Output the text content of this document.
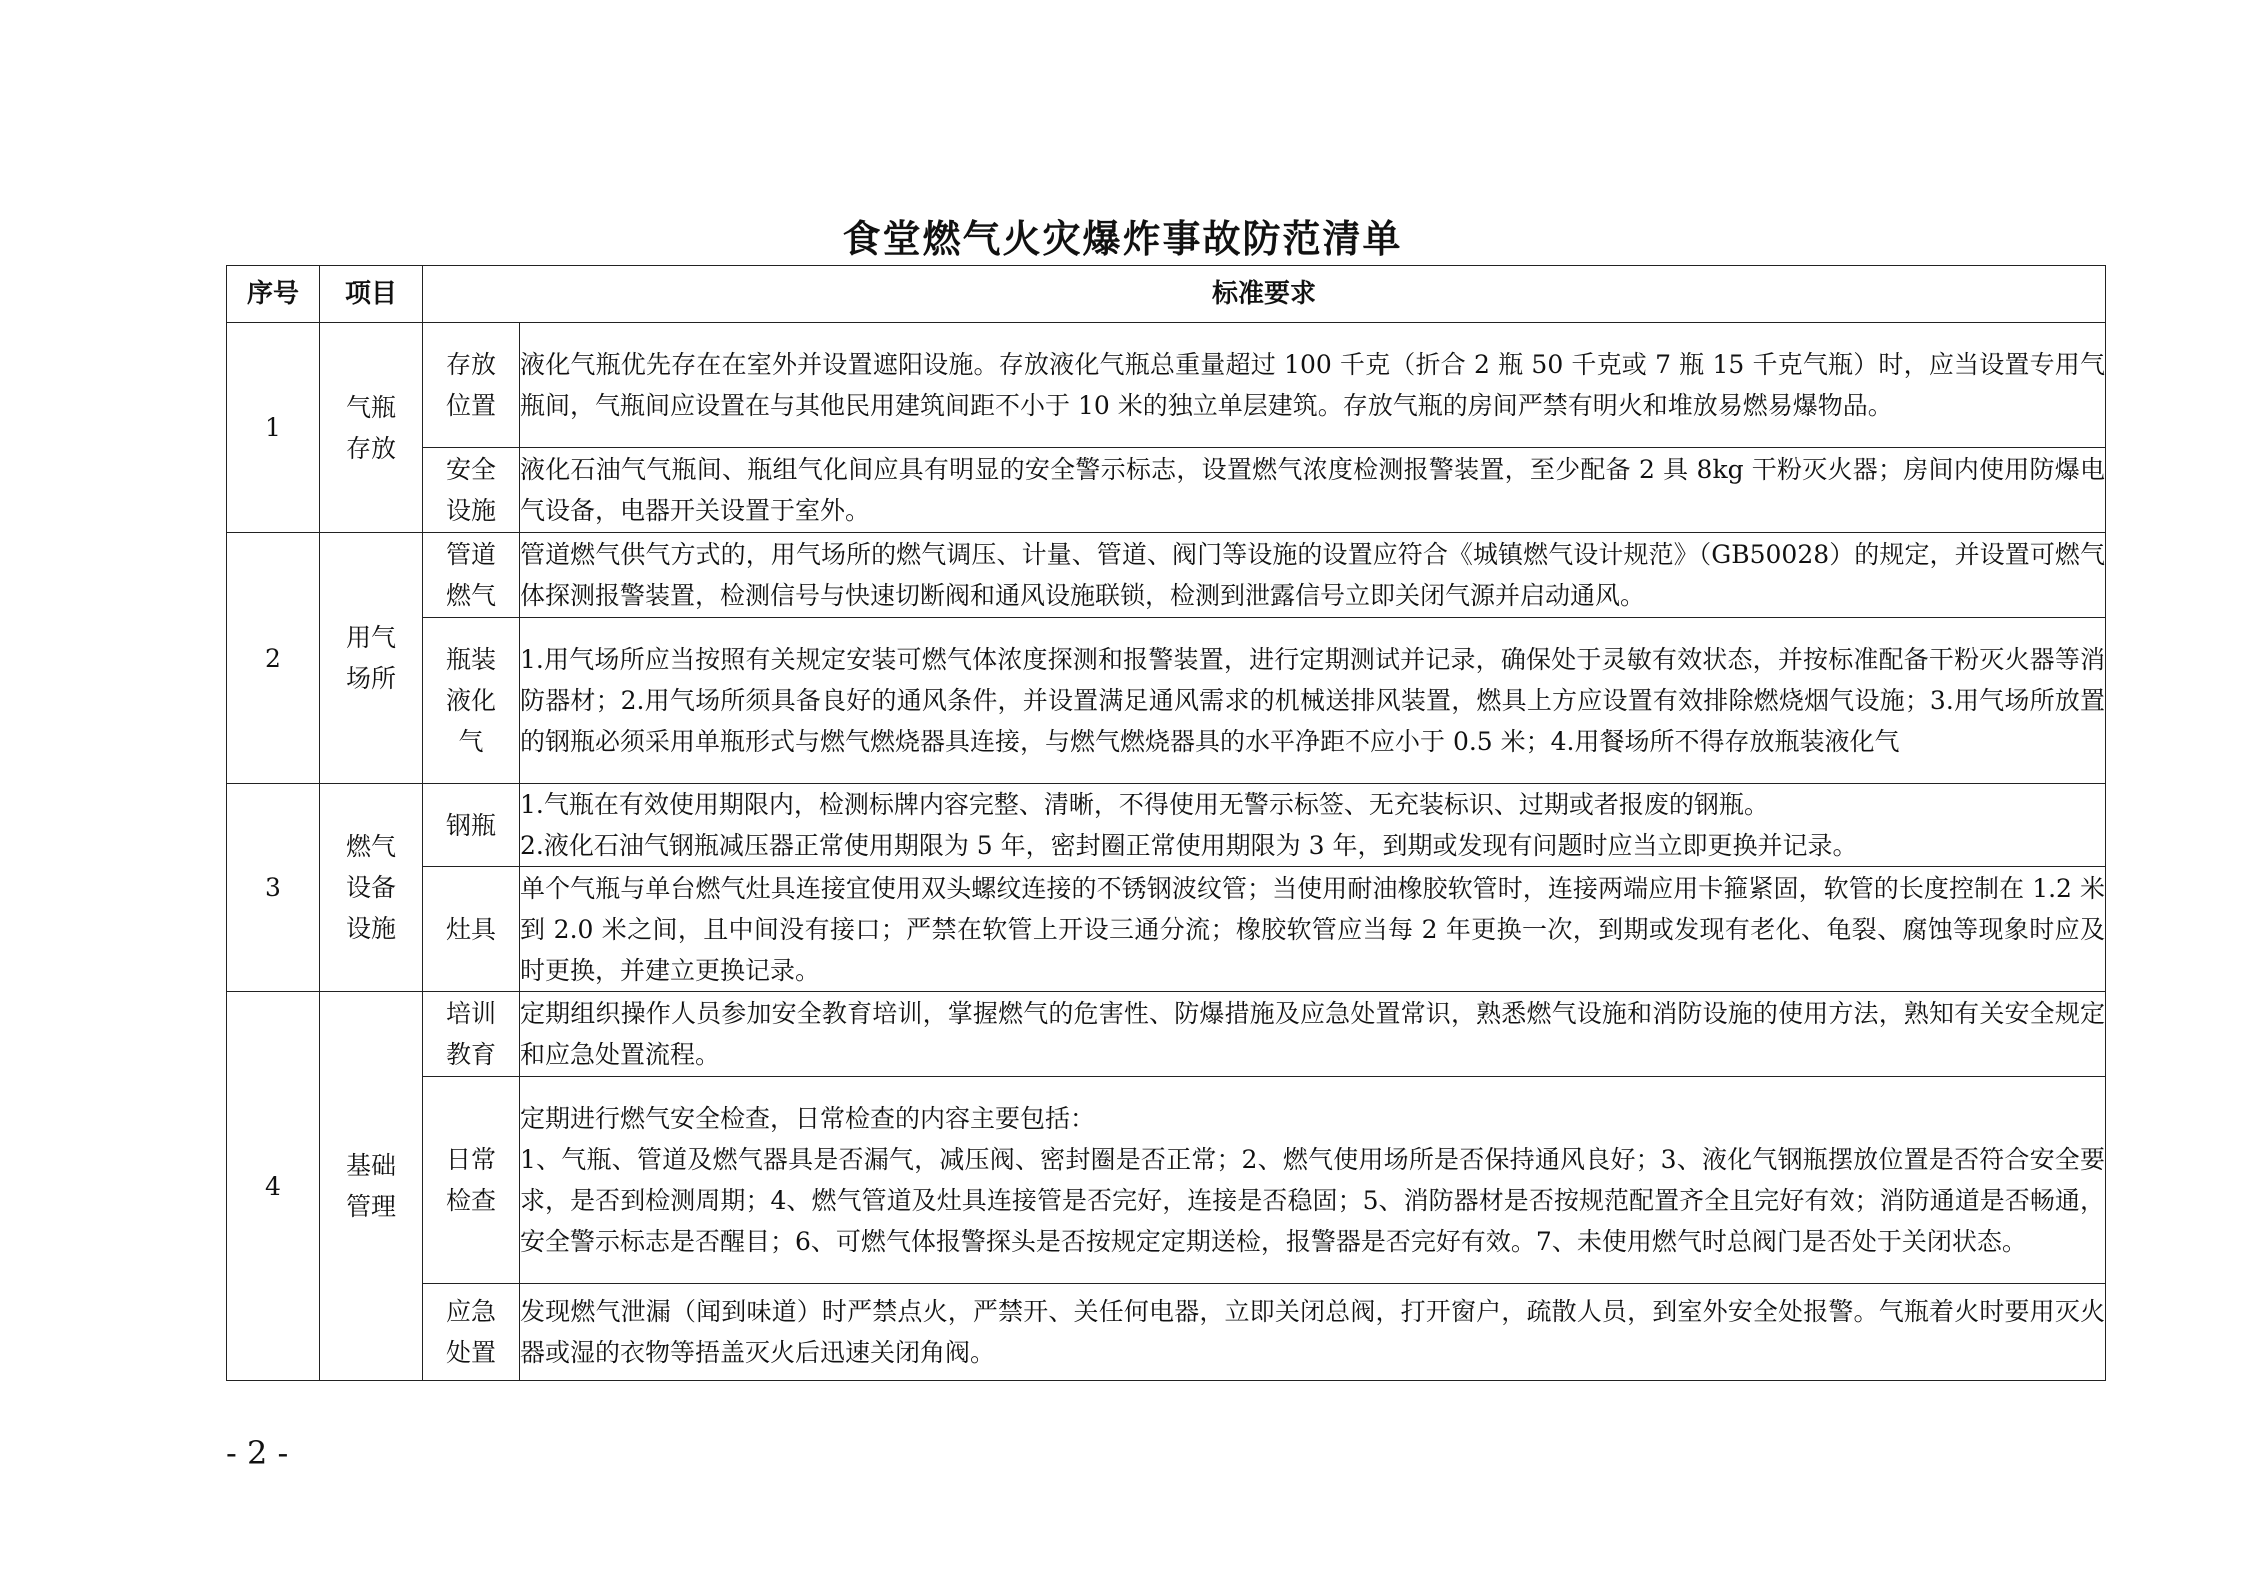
食堂燃气火灾爆炸事故防范清单
序号	项目	标准要求	
1	气瓶存放	存放位置	液化气瓶优先存在在室外并设置遮阳设施。存放液化气瓶总重量超过 100 千克（折合 2 瓶 50 千克或 7 瓶 15 千克气瓶）时，应当设置专用气瓶间，气瓶间应设置在与其他民用建筑间距不小于 10 米的独立单层建筑。存放气瓶的房间严禁有明火和堆放易燃易爆物品。

		安全设施	液化石油气气瓶间、瓶组气化间应具有明显的安全警示标志，设置燃气浓度检测报警装置，至少配备 2 具 8kg 干粉灭火器；房间内使用防爆电气设备，电器开关设置于室外。

2	用气场所	管道燃气	管道燃气供气方式的，用气场所的燃气调压、计量、管道、阀门等设施的设置应符合《城镇燃气设计规范》（GB50028）的规定，并设置可燃气体探测报警装置，检测信号与快速切断阀和通风设施联锁，检测到泄露信号立即关闭气源并启动通风。

		瓶装液化气	1.用气场所应当按照有关规定安装可燃气体浓度探测和报警装置，进行定期测试并记录，确保处于灵敏有效状态，并按标准配备干粉灭火器等消防器材；2.用气场所须具备良好的通风条件，并设置满足通风需求的机械送排风装置，燃具上方应设置有效排除燃烧烟气设施；3.用气场所放置的钢瓶必须采用单瓶形式与燃气燃烧器具连接，与燃气燃烧器具的水平净距不应小于 0.5 米；4.用餐场所不得存放瓶装液化气

3	燃气设备设施	钢瓶	1.气瓶在有效使用期限内，检测标牌内容完整、清晰，不得使用无警示标签、无充装标识、过期或者报废的钢瓶。
2.液化石油气钢瓶减压器正常使用期限为 5 年，密封圈正常使用期限为 3 年，到期或发现有问题时应当立即更换并记录。

		灶具	单个气瓶与单台燃气灶具连接宜使用双头螺纹连接的不锈钢波纹管；当使用耐油橡胶软管时，连接两端应用卡箍紧固，软管的长度控制在 1.2 米到 2.0 米之间，且中间没有接口；严禁在软管上开设三通分流；橡胶软管应当每 2 年更换一次，到期或发现有老化、龟裂、腐蚀等现象时应及时更换，并建立更换记录。

4	基础管理	培训教育	定期组织操作人员参加安全教育培训，掌握燃气的危害性、防爆措施及应急处置常识，熟悉燃气设施和消防设施的使用方法，熟知有关安全规定和应急处置流程。

		日常检查	定期进行燃气安全检查，日常检查的内容主要包括：
1、气瓶、管道及燃气器具是否漏气，减压阀、密封圈是否正常；2、燃气使用场所是否保持通风良好；3、液化气钢瓶摆放位置是否符合安全要求，是否到检测周期；4、燃气管道及灶具连接管是否完好，连接是否稳固；5、消防器材是否按规范配置齐全且完好有效；消防通道是否畅通，安全警示标志是否醒目；6、可燃气体报警探头是否按规定定期送检，报警器是否完好有效。7、未使用燃气时总阀门是否处于关闭状态。

		应急处置	发现燃气泄漏（闻到味道）时严禁点火，严禁开、关任何电器，立即关闭总阀，打开窗户，疏散人员，到室外安全处报警。气瓶着火时要用灭火器或湿的衣物等捂盖灭火后迅速关闭角阀。
- 2 -
